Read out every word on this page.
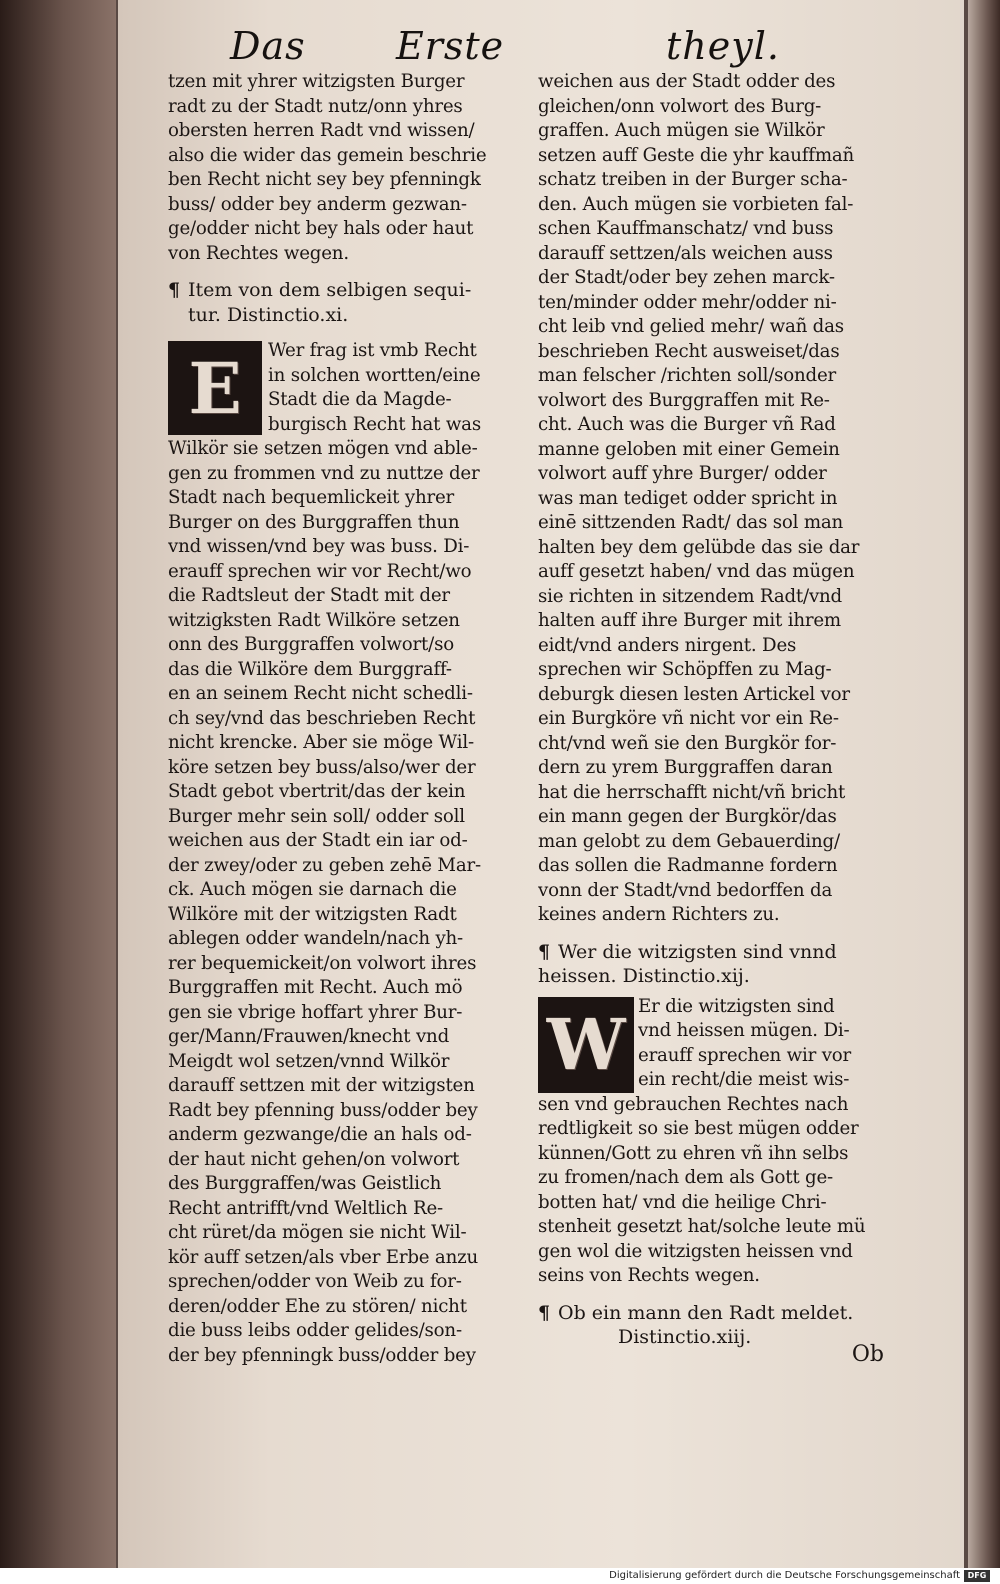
Das Erste	theyl.
tzen mit yhrer witzigsten Burger
radt zu der Stadt nutz/onn yhres
obersten herren Radt vnd wissen/
also die wider das gemein beschrie
ben Recht nicht sey bey pfenningk
buss/ odder bey anderm gezwan-
ge/odder nicht bey hals oder haut
von Rechtes wegen.
¶ Item von dem selbigen sequi-
tur. Distinctio.xi.
E Wer frag ist vmb Recht
in solchen wortten/eine
Stadt die da Magde-
burgisch Recht hat was
Wilkör sie setzen mögen vnd able-
gen zu frommen vnd zu nuttze der
Stadt nach bequemlickeit yhrer
Burger on des Burggraffen thun
vnd wissen/vnd bey was buss. Di-
erauff sprechen wir vor Recht/wo
die Radtsleut der Stadt mit der
witzigksten Radt Wilköre setzen
onn des Burggraffen volwort/so
das die Wilköre dem Burggraff-
en an seinem Recht nicht schedli-
ch sey/vnd das beschrieben Recht
nicht krencke. Aber sie möge Wil-
köre setzen bey buss/also/wer der
Stadt gebot vbertrit/das der kein
Burger mehr sein soll/ odder soll
weichen aus der Stadt ein iar od-
der zwey/oder zu geben zehē Mar-
ck. Auch mögen sie darnach die
Wilköre mit der witzigsten Radt
ablegen odder wandeln/nach yh-
rer bequemickeit/on volwort ihres
Burggraffen mit Recht. Auch mö
gen sie vbrige hoffart yhrer Bur-
ger/Mann/Frauwen/knecht vnd
Meigdt wol setzen/vnnd Wilkör
darauff settzen mit der witzigsten
Radt bey pfenning buss/odder bey
anderm gezwange/die an hals od-
der haut nicht gehen/on volwort
des Burggraffen/was Geistlich
Recht antrifft/vnd Weltlich Re-
cht rüret/da mögen sie nicht Wil-
kör auff setzen/als vber Erbe anzu
sprechen/odder von Weib zu for-
deren/odder Ehe zu stören/ nicht
die buss leibs odder gelides/son-
der bey pfenningk buss/odder bey
weichen aus der Stadt odder des
gleichen/onn volwort des Burg-
graffen. Auch mügen sie Wilkör
setzen auff Geste die yhr kauffmañ
schatz treiben in der Burger scha-
den. Auch mügen sie vorbieten fal-
schen Kauffmanschatz/ vnd buss
darauff settzen/als weichen auss
der Stadt/oder bey zehen marck-
ten/minder odder mehr/odder ni-
cht leib vnd gelied mehr/ wañ das
beschrieben Recht ausweiset/das
man felscher /richten soll/sonder
volwort des Burggraffen mit Re-
cht. Auch was die Burger vñ Rad
manne geloben mit einer Gemein
volwort auff yhre Burger/ odder
was man tediget odder spricht in
einē sittzenden Radt/ das sol man
halten bey dem gelübde das sie dar
auff gesetzt haben/ vnd das mügen
sie richten in sitzendem Radt/vnd
halten auff ihre Burger mit ihrem
eidt/vnd anders nirgent. Des
sprechen wir Schöpffen zu Mag-
deburgk diesen lesten Artickel vor
ein Burgköre vñ nicht vor ein Re-
cht/vnd weñ sie den Burgkör for-
dern zu yrem Burggraffen daran
hat die herrschafft nicht/vñ bricht
ein mann gegen der Burgkör/das
man gelobt zu dem Gebauerding/
das sollen die Radmanne fordern
vonn der Stadt/vnd bedorffen da
keines andern Richters zu.
¶ Wer die witzigsten sind vnnd
heissen. Distinctio.xij.
W Er die witzigsten sind
vnd heissen mügen. Di-
erauff sprechen wir vor
ein recht/die meist wis-
sen vnd gebrauchen Rechtes nach
redtligkeit so sie best mügen odder
künnen/Gott zu ehren vñ ihn selbs
zu fromen/nach dem als Gott ge-
botten hat/ vnd die heilige Chri-
stenheit gesetzt hat/solche leute mü
gen wol die witzigsten heissen vnd
seins von Rechts wegen.
¶ Ob ein mann den Radt meldet.
Distinctio.xiij.
Ob
Digitalisierung gefördert durch die Deutsche Forschungsgemeinschaft DFG
